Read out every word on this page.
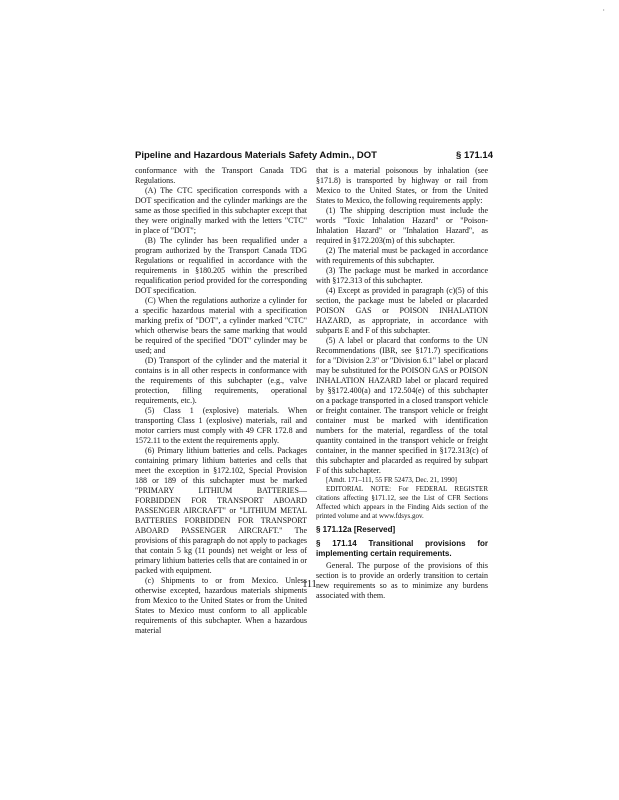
·
Pipeline and Hazardous Materials Safety Admin., DOT	§ 171.14

conformance with the Transport Canada TDG Regulations.

(A) The CTC specification corresponds with a DOT specification and the cylinder markings are the same as those specified in this subchapter except that they were originally marked with the letters "CTC" in place of "DOT";

(B) The cylinder has been requalified under a program authorized by the Transport Canada TDG Regulations or requalified in accordance with the requirements in §180.205 within the prescribed requalification period provided for the corresponding DOT specification.

(C) When the regulations authorize a cylinder for a specific hazardous material with a specification marking prefix of "DOT", a cylinder marked "CTC" which otherwise bears the same marking that would be required of the specified "DOT" cylinder may be used; and

(D) Transport of the cylinder and the material it contains is in all other respects in conformance with the requirements of this subchapter (e.g., valve protection, filling requirements, operational requirements, etc.).

(5) Class 1 (explosive) materials. When transporting Class 1 (explosive) materials, rail and motor carriers must comply with 49 CFR 172.8 and 1572.11 to the extent the requirements apply.

(6) Primary lithium batteries and cells. Packages containing primary lithium batteries and cells that meet the exception in §172.102, Special Provision 188 or 189 of this subchapter must be marked "PRIMARY LITHIUM BATTERIES—FORBIDDEN FOR TRANSPORT ABOARD PASSENGER AIRCRAFT" or "LITHIUM METAL BATTERIES FORBIDDEN FOR TRANSPORT ABOARD PASSENGER AIRCRAFT." The provisions of this paragraph do not apply to packages that contain 5 kg (11 pounds) net weight or less of primary lithium batteries cells that are contained in or packed with equipment.

(c) Shipments to or from Mexico. Unless otherwise excepted, hazardous materials shipments from Mexico to the United States or from the United States to Mexico must conform to all applicable requirements of this subchapter. When a hazardous material

that is a material poisonous by inhalation (see §171.8) is transported by highway or rail from Mexico to the United States, or from the United States to Mexico, the following requirements apply:

(1) The shipping description must include the words "Toxic Inhalation Hazard" or "Poison-Inhalation Hazard" or "Inhalation Hazard", as required in §172.203(m) of this subchapter.

(2) The material must be packaged in accordance with requirements of this subchapter.

(3) The package must be marked in accordance with §172.313 of this subchapter.

(4) Except as provided in paragraph (c)(5) of this section, the package must be labeled or placarded POISON GAS or POISON INHALATION HAZARD, as appropriate, in accordance with subparts E and F of this subchapter.

(5) A label or placard that conforms to the UN Recommendations (IBR, see §171.7) specifications for a "Division 2.3" or "Division 6.1" label or placard may be substituted for the POISON GAS or POISON INHALATION HAZARD label or placard required by §§172.400(a) and 172.504(e) of this subchapter on a package transported in a closed transport vehicle or freight container. The transport vehicle or freight container must be marked with identification numbers for the material, regardless of the total quantity contained in the transport vehicle or freight container, in the manner specified in §172.313(c) of this subchapter and placarded as required by subpart F of this subchapter.

[Amdt. 171–111, 55 FR 52473, Dec. 21, 1990]

EDITORIAL NOTE: For FEDERAL REGISTER citations affecting §171.12, see the List of CFR Sections Affected which appears in the Finding Aids section of the printed volume and at www.fdsys.gov.

§ 171.12a [Reserved]
§ 171.14 Transitional provisions for implementing certain requirements.

General. The purpose of the provisions of this section is to provide an orderly transition to certain new requirements so as to minimize any burdens associated with them.

111
